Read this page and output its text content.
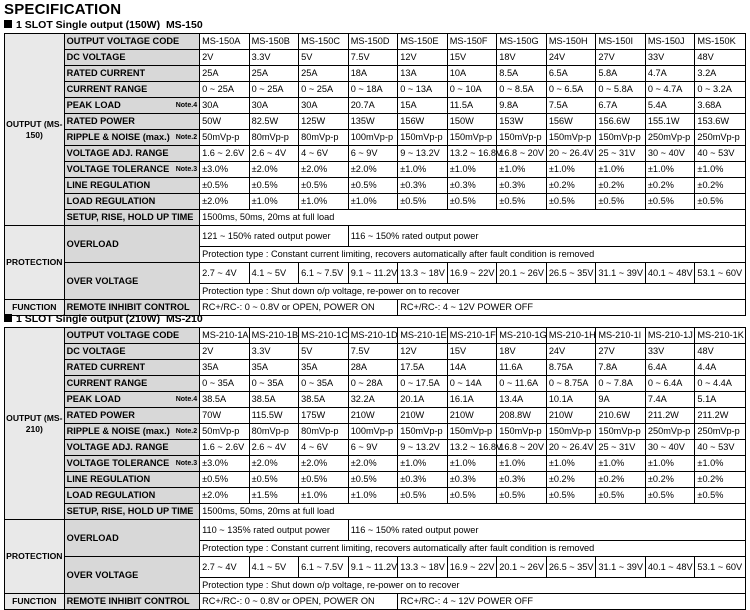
SPECIFICATION
1 SLOT Single output (150W) MS-150
OUTPUT (MS-150)	OUTPUT VOLTAGE CODE	MS-150A	MS-150B	MS-150C	MS-150D	MS-150E	MS-150F	MS-150G	MS-150H	MS-150I	MS-150J	MS-150K
	DC VOLTAGE	2V	3.3V	5V	7.5V	12V	15V	18V	24V	27V	33V	48V
	RATED CURRENT	25A	25A	25A	18A	13A	10A	8.5A	6.5A	5.8A	4.7A	3.2A
	CURRENT RANGE	0 ~ 25A	0 ~ 25A	0 ~ 25A	0 ~ 18A	0 ~ 13A	0 ~ 10A	0 ~ 8.5A	0 ~ 6.5A	0 ~ 5.8A	0 ~ 4.7A	0 ~ 3.2A
	PEAK LOAD Note.4	30A	30A	30A	20.7A	15A	11.5A	9.8A	7.5A	6.7A	5.4A	3.68A
	RATED POWER	50W	82.5W	125W	135W	156W	150W	153W	156W	156.6W	155.1W	153.6W
	RIPPLE & NOISE (max.) Note.2	50mVp-p	80mVp-p	80mVp-p	100mVp-p	150mVp-p	150mVp-p	150mVp-p	150mVp-p	150mVp-p	250mVp-p	250mVp-p
	VOLTAGE ADJ. RANGE	1.6 ~ 2.6V	2.6 ~ 4V	4 ~ 6V	6 ~ 9V	9 ~ 13.2V	13.2 ~ 16.8V	16.8 ~ 20V	20 ~ 26.4V	25 ~ 31V	30 ~ 40V	40 ~ 53V
	VOLTAGE TOLERANCE Note.3	±3.0%	±2.0%	±2.0%	±2.0%	±1.0%	±1.0%	±1.0%	±1.0%	±1.0%	±1.0%	±1.0%
	LINE REGULATION	±0.5%	±0.5%	±0.5%	±0.5%	±0.3%	±0.3%	±0.3%	±0.2%	±0.2%	±0.2%	±0.2%
	LOAD REGULATION	±2.0%	±1.0%	±1.0%	±1.0%	±0.5%	±0.5%	±0.5%	±0.5%	±0.5%	±0.5%	±0.5%
	SETUP, RISE, HOLD UP TIME	1500ms, 50ms, 20ms at full load										
PROTECTION	OVERLOAD	121 ~ 150% rated output power			116 ~ 150% rated output power							
		Protection type : Constant current limiting, recovers automatically after fault condition is removed										
	OVER VOLTAGE	2.7 ~ 4V	4.1 ~ 5V	6.1 ~ 7.5V	9.1 ~ 11.2V	13.3 ~ 18V	16.9 ~ 22V	20.1 ~ 26V	26.5 ~ 35V	31.1 ~ 39V	40.1 ~ 48V	53.1 ~ 60V
		Protection type : Shut down o/p voltage, re-power on to recover										
FUNCTION	REMOTE INHIBIT CONTROL	RC+/RC-: 0 ~ 0.8V or OPEN, POWER ON				RC+/RC-: 4 ~ 12V POWER OFF						
1 SLOT Single output (210W) MS-210
OUTPUT (MS-210)	OUTPUT VOLTAGE CODE	MS-210-1A	MS-210-1B	MS-210-1C	MS-210-1D	MS-210-1E	MS-210-1F	MS-210-1G	MS-210-1H	MS-210-1I	MS-210-1J	MS-210-1K
	DC VOLTAGE	2V	3.3V	5V	7.5V	12V	15V	18V	24V	27V	33V	48V
	RATED CURRENT	35A	35A	35A	28A	17.5A	14A	11.6A	8.75A	7.8A	6.4A	4.4A
	CURRENT RANGE	0 ~ 35A	0 ~ 35A	0 ~ 35A	0 ~ 28A	0 ~ 17.5A	0 ~ 14A	0 ~ 11.6A	0 ~ 8.75A	0 ~ 7.8A	0 ~ 6.4A	0 ~ 4.4A
	PEAK LOAD Note.4	38.5A	38.5A	38.5A	32.2A	20.1A	16.1A	13.4A	10.1A	9A	7.4A	5.1A
	RATED POWER	70W	115.5W	175W	210W	210W	210W	208.8W	210W	210.6W	211.2W	211.2W
	RIPPLE & NOISE (max.) Note.2	50mVp-p	80mVp-p	80mVp-p	100mVp-p	150mVp-p	150mVp-p	150mVp-p	150mVp-p	150mVp-p	250mVp-p	250mVp-p
	VOLTAGE ADJ. RANGE	1.6 ~ 2.6V	2.6 ~ 4V	4 ~ 6V	6 ~ 9V	9 ~ 13.2V	13.2 ~ 16.8V	16.8 ~ 20V	20 ~ 26.4V	25 ~ 31V	30 ~ 40V	40 ~ 53V
	VOLTAGE TOLERANCE Note.3	±3.0%	±2.0%	±2.0%	±2.0%	±1.0%	±1.0%	±1.0%	±1.0%	±1.0%	±1.0%	±1.0%
	LINE REGULATION	±0.5%	±0.5%	±0.5%	±0.5%	±0.3%	±0.3%	±0.3%	±0.2%	±0.2%	±0.2%	±0.2%
	LOAD REGULATION	±2.0%	±1.5%	±1.0%	±1.0%	±0.5%	±0.5%	±0.5%	±0.5%	±0.5%	±0.5%	±0.5%
	SETUP, RISE, HOLD UP TIME	1500ms, 50ms, 20ms at full load										
PROTECTION	OVERLOAD	110 ~ 135% rated output power			116 ~ 150% rated output power							
		Protection type : Constant current limiting, recovers automatically after fault condition is removed										
	OVER VOLTAGE	2.7 ~ 4V	4.1 ~ 5V	6.1 ~ 7.5V	9.1 ~ 11.2V	13.3 ~ 18V	16.9 ~ 22V	20.1 ~ 26V	26.5 ~ 35V	31.1 ~ 39V	40.1 ~ 48V	53.1 ~ 60V
		Protection type : Shut down o/p voltage, re-power on to recover										
FUNCTION	REMOTE INHIBIT CONTROL	RC+/RC-: 0 ~ 0.8V or OPEN, POWER ON				RC+/RC-: 4 ~ 12V POWER OFF						
